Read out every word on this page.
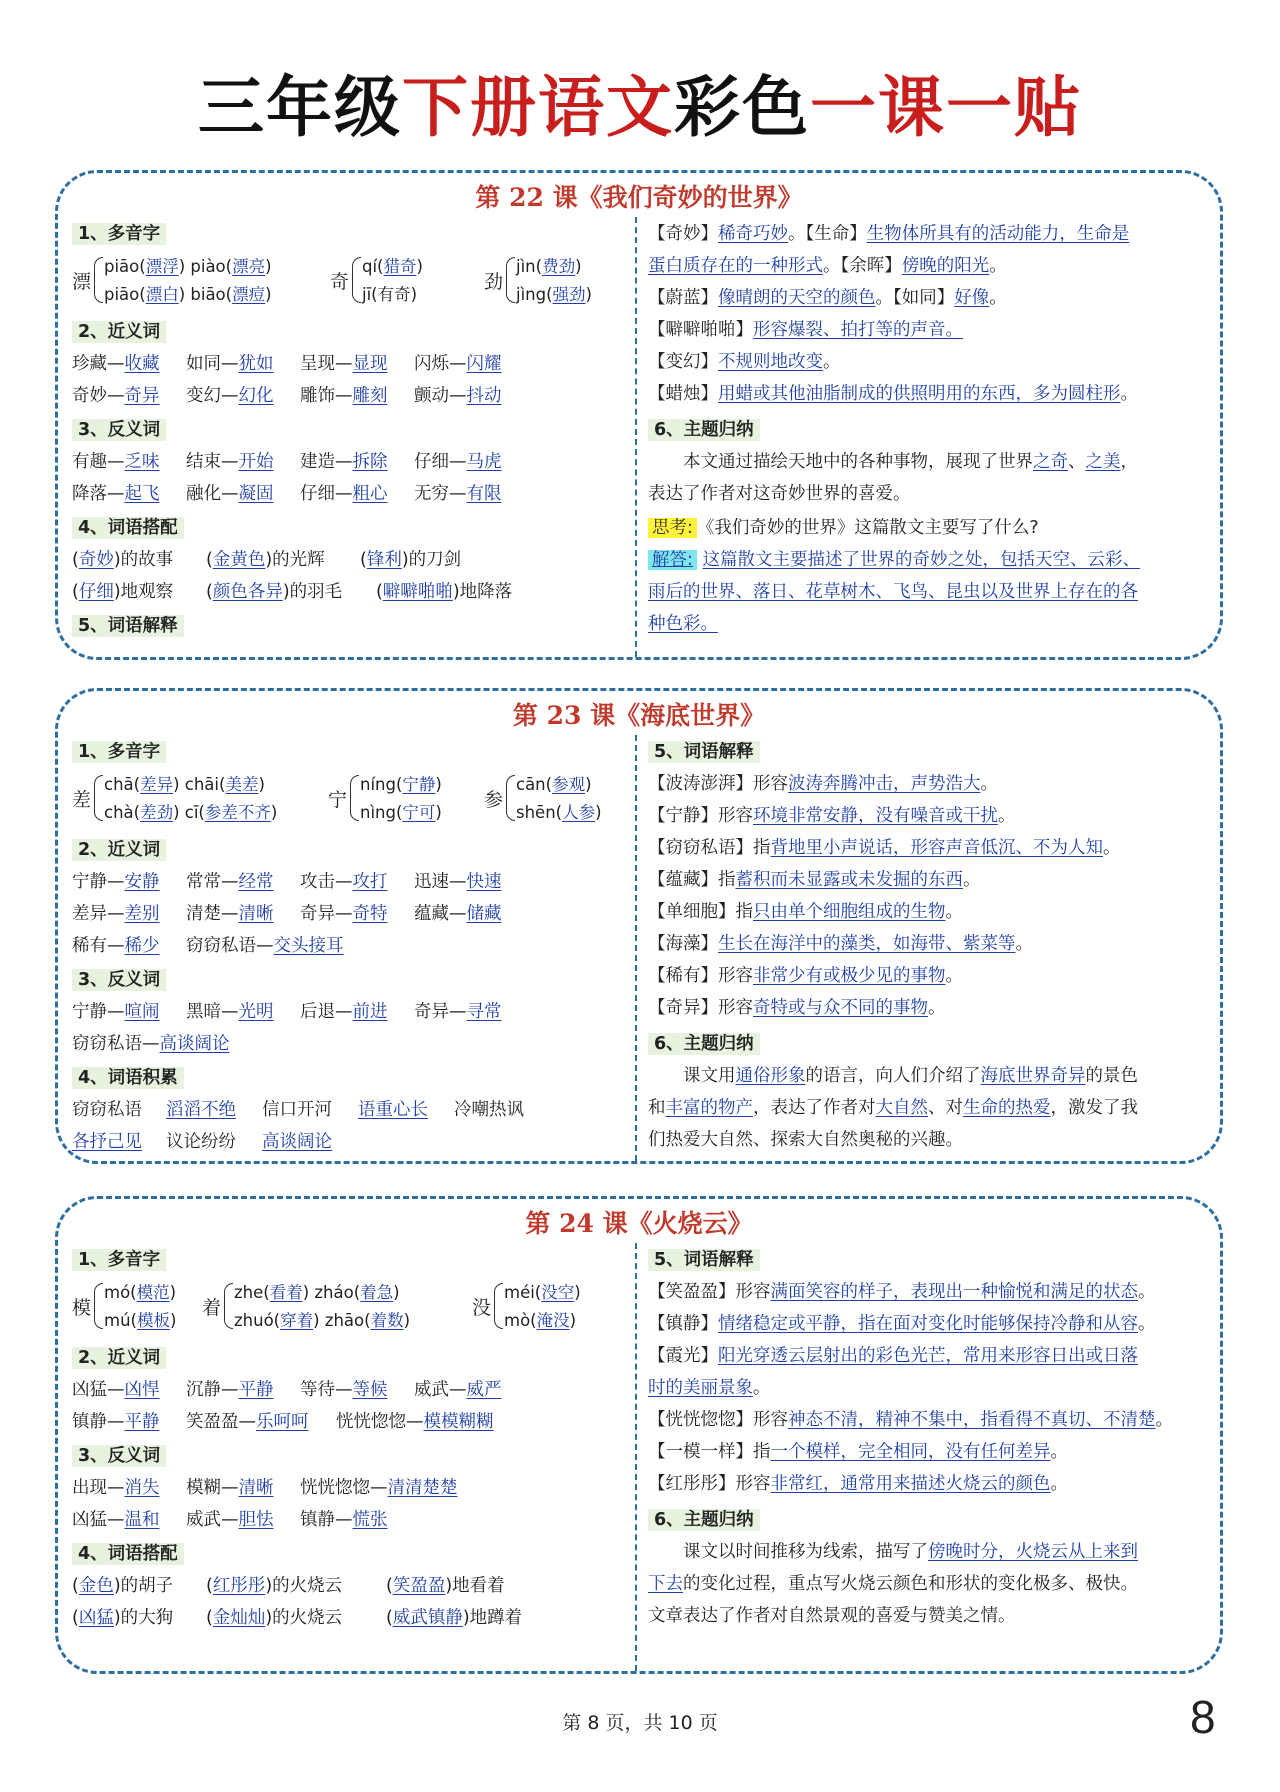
三年级下册语文彩色一课一贴
第 22 课《我们奇妙的世界》
1、多音字
漂
piāo(漂浮) piào(漂亮)
piāo(漂白) biāo(漂痘)
奇
qí(猎奇)
jī(有奇)
劲
jìn(费劲)
jìng(强劲)
2、近义词
珍藏—收藏 如同—犹如 呈现—显现 闪烁—闪耀
奇妙—奇异 变幻—幻化 雕饰—雕刻 颤动—抖动
3、反义词
有趣—乏味 结束—开始 建造—拆除 仔细—马虎
降落—起飞 融化—凝固 仔细—粗心 无穷—有限
4、词语搭配
(奇妙)的故事 (金黄色)的光辉 (锋利)的刀剑
(仔细)地观察 (颜色各异)的羽毛 (噼噼啪啪)地降落
5、词语解释
【奇妙】稀奇巧妙。【生命】生物体所具有的活动能力，生命是
蛋白质存在的一种形式。【余晖】傍晚的阳光。
【蔚蓝】像晴朗的天空的颜色。【如同】好像。
【噼噼啪啪】形容爆裂、拍打等的声音。
【变幻】不规则地改变。
【蜡烛】用蜡或其他油脂制成的供照明用的东西，多为圆柱形。
6、主题归纳
　　本文通过描绘天地中的各种事物，展现了世界之奇、之美，
表达了作者对这奇妙世界的喜爱。
思考: 《我们奇妙的世界》这篇散文主要写了什么?
解答: 这篇散文主要描述了世界的奇妙之处，包括天空、云彩、
雨后的世界、落日、花草树木、飞鸟、昆虫以及世界上存在的各
种色彩。
第 23 课《海底世界》
1、多音字
差
chā(差异) chāi(美差)
chà(差劲) cī(参差不齐)
宁
níng(宁静)
nìng(宁可)
参
cān(参观)
shēn(人参)
2、近义词
宁静—安静 常常—经常 攻击—攻打 迅速—快速
差异—差别 清楚—清晰 奇异—奇特 蕴藏—储藏
稀有—稀少 窃窃私语—交头接耳
3、反义词
宁静—喧闹 黑暗—光明 后退—前进 奇异—寻常
窃窃私语—高谈阔论
4、词语积累
窃窃私语 滔滔不绝 信口开河 语重心长 冷嘲热讽
各抒己见 议论纷纷 高谈阔论
5、词语解释
【波涛澎湃】形容波涛奔腾冲击，声势浩大。
【宁静】形容环境非常安静，没有噪音或干扰。
【窃窃私语】指背地里小声说话，形容声音低沉、不为人知。
【蕴藏】指蓄积而未显露或未发掘的东西。
【单细胞】指只由单个细胞组成的生物。
【海藻】生长在海洋中的藻类，如海带、紫菜等。
【稀有】形容非常少有或极少见的事物。
【奇异】形容奇特或与众不同的事物。
6、主题归纳
　　课文用通俗形象的语言，向人们介绍了海底世界奇异的景色
和丰富的物产，表达了作者对大自然、对生命的热爱，激发了我
们热爱大自然、探索大自然奥秘的兴趣。
第 24 课《火烧云》
1、多音字
模
mó(模范)
mú(模板)
着
zhe(看着) zháo(着急)
zhuó(穿着) zhāo(着数)
没
méi(没空)
mò(淹没)
2、近义词
凶猛—凶悍 沉静—平静 等待—等候 威武—威严
镇静—平静 笑盈盈—乐呵呵 恍恍惚惚—模模糊糊
3、反义词
出现—消失 模糊—清晰 恍恍惚惚—清清楚楚
凶猛—温和 威武—胆怯 镇静—慌张
4、词语搭配
(金色)的胡子 (红彤彤)的火烧云	(笑盈盈)地看着
(凶猛)的大狗 (金灿灿)的火烧云	(威武镇静)地蹲着
5、词语解释
【笑盈盈】形容满面笑容的样子，表现出一种愉悦和满足的状态。
【镇静】情绪稳定或平静，指在面对变化时能够保持冷静和从容。
【霞光】阳光穿透云层射出的彩色光芒，常用来形容日出或日落
时的美丽景象。
【恍恍惚惚】形容神态不清，精神不集中，指看得不真切、不清楚。
【一模一样】指一个模样，完全相同，没有任何差异。
【红彤彤】形容非常红，通常用来描述火烧云的颜色。
6、主题归纳
　　课文以时间推移为线索，描写了傍晚时分，火烧云从上来到
下去的变化过程，重点写火烧云颜色和形状的变化极多、极快。
文章表达了作者对自然景观的喜爱与赞美之情。
第 8 页，共 10 页	8
